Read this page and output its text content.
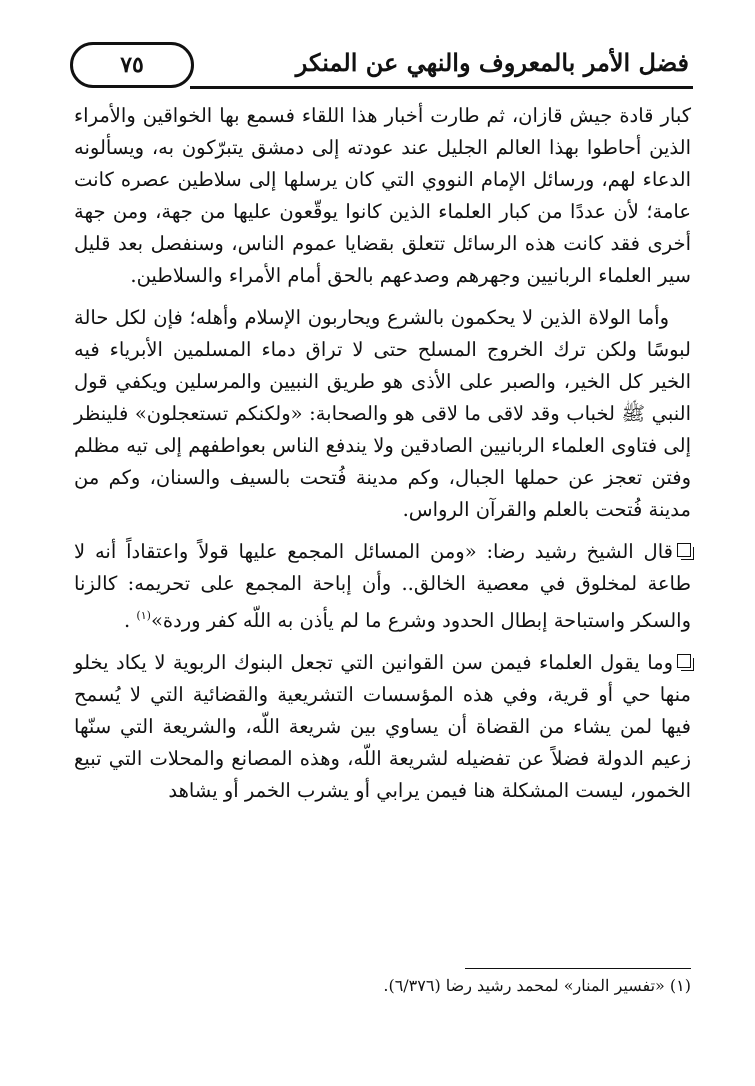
٧٥	فضل الأمر بالمعروف والنهي عن المنكر

كبار قادة جيش قازان، ثم طارت أخبار هذا اللقاء فسمع بها الخواقين والأمراء الذين أحاطوا بهذا العالم الجليل عند عودته إلى دمشق يتبرّكون به، ويسألونه الدعاء لهم، ورسائل الإمام النووي التي كان يرسلها إلى سلاطين عصره كانت عامة؛ لأن عددًا من كبار العلماء الذين كانوا يوقّعون عليها من جهة، ومن جهة أخرى فقد كانت هذه الرسائل تتعلق بقضايا عموم الناس، وسنفصل بعد قليل سير العلماء الربانيين وجهرهم وصدعهم بالحق أمام الأمراء والسلاطين.

وأما الولاة الذين لا يحكمون بالشرع ويحاربون الإسلام وأهله؛ فإن لكل حالة لبوسًا ولكن ترك الخروج المسلح حتى لا تراق دماء المسلمين الأبرياء فيه الخير كل الخير، والصبر على الأذى هو طريق النبيين والمرسلين ويكفي قول النبي ﷺ لخباب وقد لاقى ما لاقى هو والصحابة: «ولكنكم تستعجلون» فلينظر إلى فتاوى العلماء الربانيين الصادقين ولا يندفع الناس بعواطفهم إلى تيه مظلم وفتن تعجز عن حملها الجبال، وكم مدينة فُتحت بالسيف والسنان، وكم من مدينة فُتحت بالعلم والقرآن الرواس.

قال الشيخ رشيد رضا: «ومن المسائل المجمع عليها قولاً واعتقاداً أنه لا طاعة لمخلوق في معصية الخالق.. وأن إباحة المجمع على تحريمه: كالزنا والسكر واستباحة إبطال الحدود وشرع ما لم يأذن به اللّه كفر وردة»$^{(١)}$ .

وما يقول العلماء فيمن سن القوانين التي تجعل البنوك الربوية لا يكاد يخلو منها حي أو قرية، وفي هذه المؤسسات التشريعية والقضائية التي لا يُسمح فيها لمن يشاء من القضاة أن يساوي بين شريعة اللّه، والشريعة التي سنّها زعيم الدولة فضلاً عن تفضيله لشريعة اللّه، وهذه المصانع والمحلات التي تبيع الخمور، ليست المشكلة هنا فيمن يرابي أو يشرب الخمر أو يشاهد

(١) «تفسير المنار» لمحمد رشيد رضا (٦/٣٧٦).
